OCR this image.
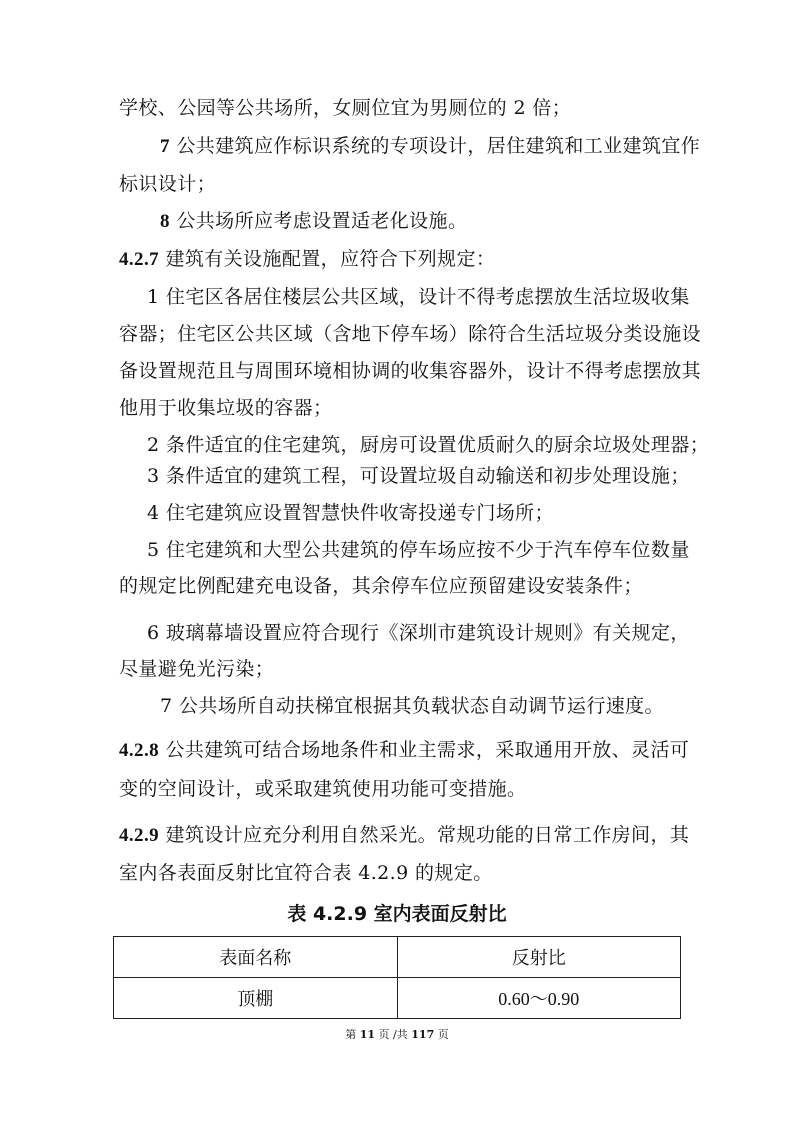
学校、公园等公共场所，女厕位宜为男厕位的 2 倍；
7 公共建筑应作标识系统的专项设计，居住建筑和工业建筑宜作
标识设计；
8 公共场所应考虑设置适老化设施。
4.2.7 建筑有关设施配置，应符合下列规定：
1 住宅区各居住楼层公共区域，设计不得考虑摆放生活垃圾收集
容器；住宅区公共区域（含地下停车场）除符合生活垃圾分类设施设
备设置规范且与周围环境相协调的收集容器外，设计不得考虑摆放其
他用于收集垃圾的容器；
2 条件适宜的住宅建筑，厨房可设置优质耐久的厨余垃圾处理器；
3 条件适宜的建筑工程，可设置垃圾自动输送和初步处理设施；
4 住宅建筑应设置智慧快件收寄投递专门场所；
5 住宅建筑和大型公共建筑的停车场应按不少于汽车停车位数量
的规定比例配建充电设备，其余停车位应预留建设安装条件；
6 玻璃幕墙设置应符合现行《深圳市建筑设计规则》有关规定，
尽量避免光污染；
7 公共场所自动扶梯宜根据其负载状态自动调节运行速度。
4.2.8 公共建筑可结合场地条件和业主需求，采取通用开放、灵活可
变的空间设计，或采取建筑使用功能可变措施。
4.2.9 建筑设计应充分利用自然采光。常规功能的日常工作房间，其
室内各表面反射比宜符合表 4.2.9 的规定。
表 4.2.9 室内表面反射比
表面名称	反射比
顶棚	0.60～0.90
第 11 页 /共 117 页
